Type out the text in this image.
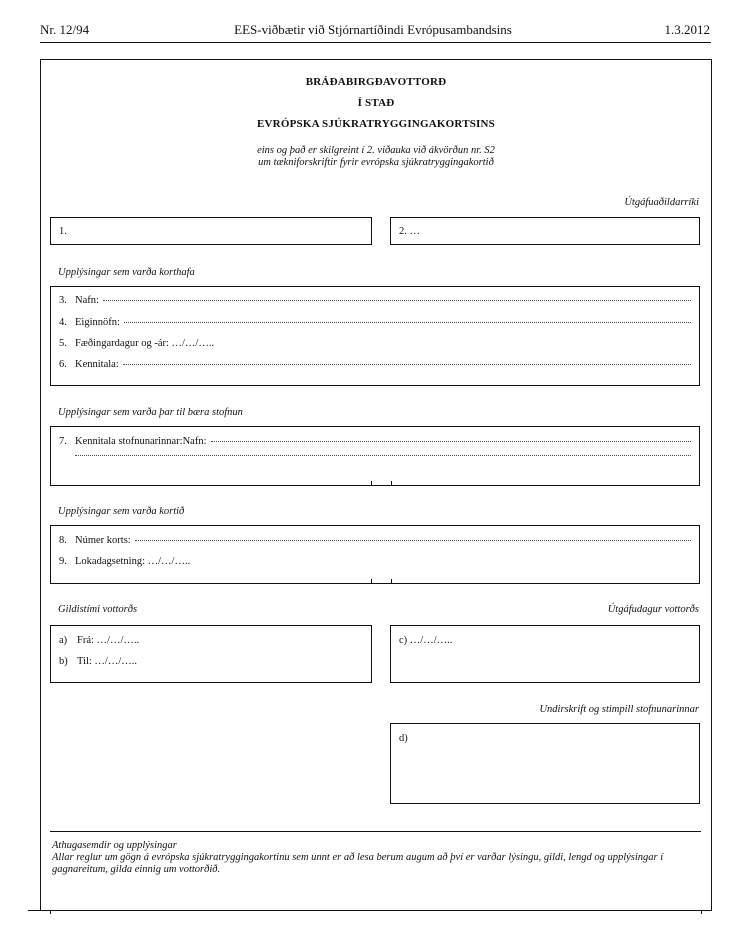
Nr. 12/94	EES-viðbætir við Stjórnartíðindi Evrópusambandsins	1.3.2012
BRÁÐABIRGÐAVOTTORÐ
Í STAÐ
EVRÓPSKA SJÚKRATRYGGINGAKORTSINS
eins og það er skilgreint í 2. viðauka við ákvörðun nr. S2
um tækniforskriftir fyrir evrópska sjúkratryggingakortið
Útgáfuaðildarríki
1.	2. …
Upplýsingar sem varða korthafa
3. Nafn:
4. Eiginnöfn:
5. Fæðingardagur og -ár: …/…/…..
6. Kennitala:
Upplýsingar sem varða þar til bæra stofnun
7. Kennitala stofnunarinnar:Nafn:
Upplýsingar sem varða kortið
8. Númer korts:
9. Lokadagsetning: …/…/…..
Gildistími vottorðs	Útgáfudagur vottorðs
a) Frá: …/…/…..
b) Til: …/…/…..
c) …/…/…..
Undirskrift og stimpill stofnunarinnar
d)
Athugasemdir og upplýsingar
Allar reglur um gögn á evrópska sjúkratryggingakortinu sem unnt er að lesa berum augum að því er varðar lýsingu, gildi, lengd og upplýsingar í gagnareitum, gilda einnig um vottorðið.
